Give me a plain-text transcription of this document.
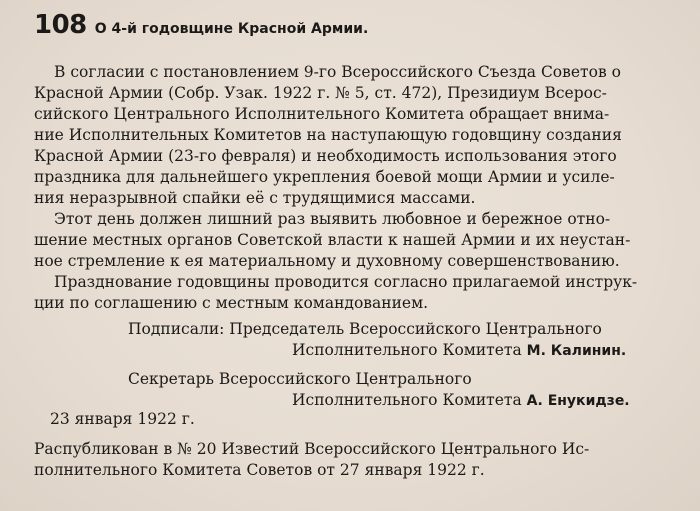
108 О 4-й годовщине Красной Армии.
В согласии с постановлением 9-го Всероссийского Съезда Советов о
Красной Армии (Собр. Узак. 1922 г. № 5, ст. 472), Президиум Всерос-
сийского Центрального Исполнительного Комитета обращает внима-
ние Исполнительных Комитетов на наступающую годовщину создания
Красной Армии (23-го февраля) и необходимость использования этого
праздника для дальнейшего укрепления боевой мощи Армии и усиле-
ния неразрывной спайки её с трудящимися массами.
Этот день должен лишний раз выявить любовное и бережное отно-
шение местных органов Советской власти к нашей Армии и их неустан-
ное стремление к ея материальному и духовному совершенствованию.
Празднование годовщины проводится согласно прилагаемой инструк-
ции по соглашению с местным командованием.
Подписали: Председатель Всероссийского Центрального
Исполнительного Комитета М. Калинин.
Секретарь Всероссийского Центрального
Исполнительного Комитета А. Енукидзе.
23 января 1922 г.
Распубликован в № 20 Известий Всероссийского Центрального Ис-
полнительного Комитета Советов от 27 января 1922 г.
